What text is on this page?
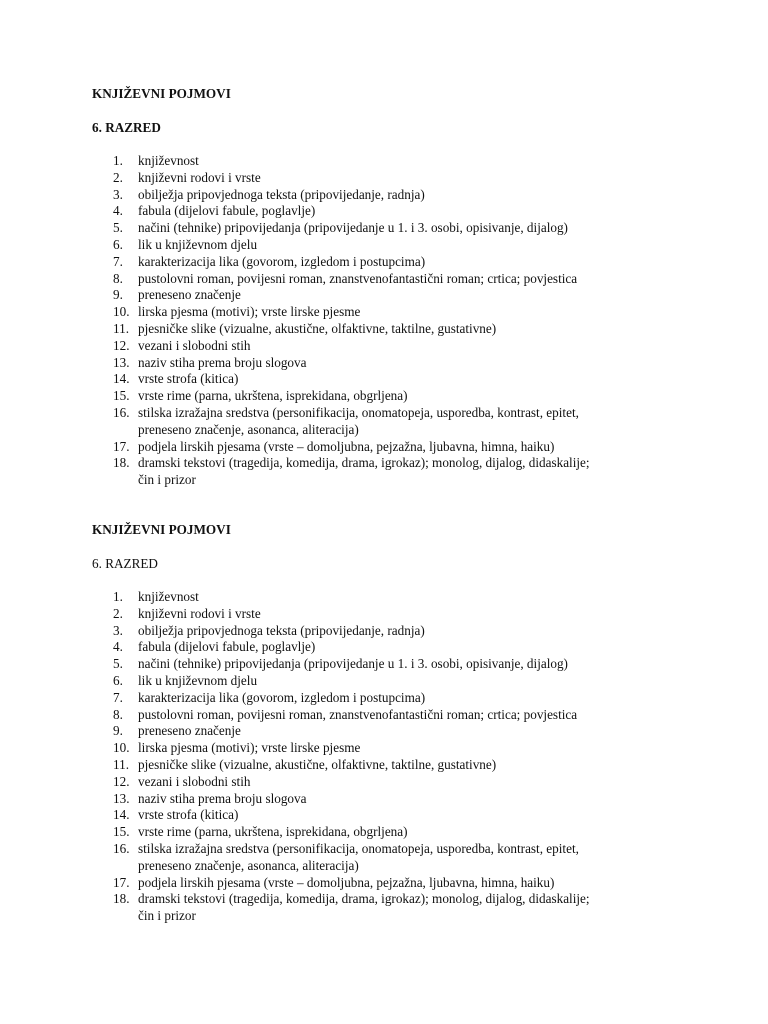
KNJIŽEVNI POJMOVI

6. RAZRED

1. književnost
2. književni rodovi i vrste
3. obilježja pripovjednoga teksta (pripovijedanje, radnja)
4. fabula (dijelovi fabule, poglavlje)
5. načini (tehnike) pripovijedanja (pripovijedanje u 1. i 3. osobi, opisivanje, dijalog)
6. lik u književnom djelu
7. karakterizacija lika (govorom, izgledom i postupcima)
8. pustolovni roman, povijesni roman, znanstvenofantastični roman; crtica; povjestica
9. preneseno značenje
10. lirska pjesma (motivi); vrste lirske pjesme
11. pjesničke slike (vizualne, akustične, olfaktivne, taktilne, gustativne)
12. vezani i slobodni stih
13. naziv stiha prema broju slogova
14. vrste strofa (kitica)
15. vrste rime (parna, ukrštena, isprekidana, obgrljena)
16. stilska izražajna sredstva (personifikacija, onomatopeja, usporedba, kontrast, epitet,
preneseno značenje, asonanca, aliteracija)
17. podjela lirskih pjesama (vrste – domoljubna, pejzažna, ljubavna, himna, haiku)
18. dramski tekstovi (tragedija, komedija, drama, igrokaz); monolog, dijalog, didaskalije;
čin i prizor

KNJIŽEVNI POJMOVI

6. RAZRED

1. književnost
2. književni rodovi i vrste
3. obilježja pripovjednoga teksta (pripovijedanje, radnja)
4. fabula (dijelovi fabule, poglavlje)
5. načini (tehnike) pripovijedanja (pripovijedanje u 1. i 3. osobi, opisivanje, dijalog)
6. lik u književnom djelu
7. karakterizacija lika (govorom, izgledom i postupcima)
8. pustolovni roman, povijesni roman, znanstvenofantastični roman; crtica; povjestica
9. preneseno značenje
10. lirska pjesma (motivi); vrste lirske pjesme
11. pjesničke slike (vizualne, akustične, olfaktivne, taktilne, gustativne)
12. vezani i slobodni stih
13. naziv stiha prema broju slogova
14. vrste strofa (kitica)
15. vrste rime (parna, ukrštena, isprekidana, obgrljena)
16. stilska izražajna sredstva (personifikacija, onomatopeja, usporedba, kontrast, epitet,
preneseno značenje, asonanca, aliteracija)
17. podjela lirskih pjesama (vrste – domoljubna, pejzažna, ljubavna, himna, haiku)
18. dramski tekstovi (tragedija, komedija, drama, igrokaz); monolog, dijalog, didaskalije;
čin i prizor
